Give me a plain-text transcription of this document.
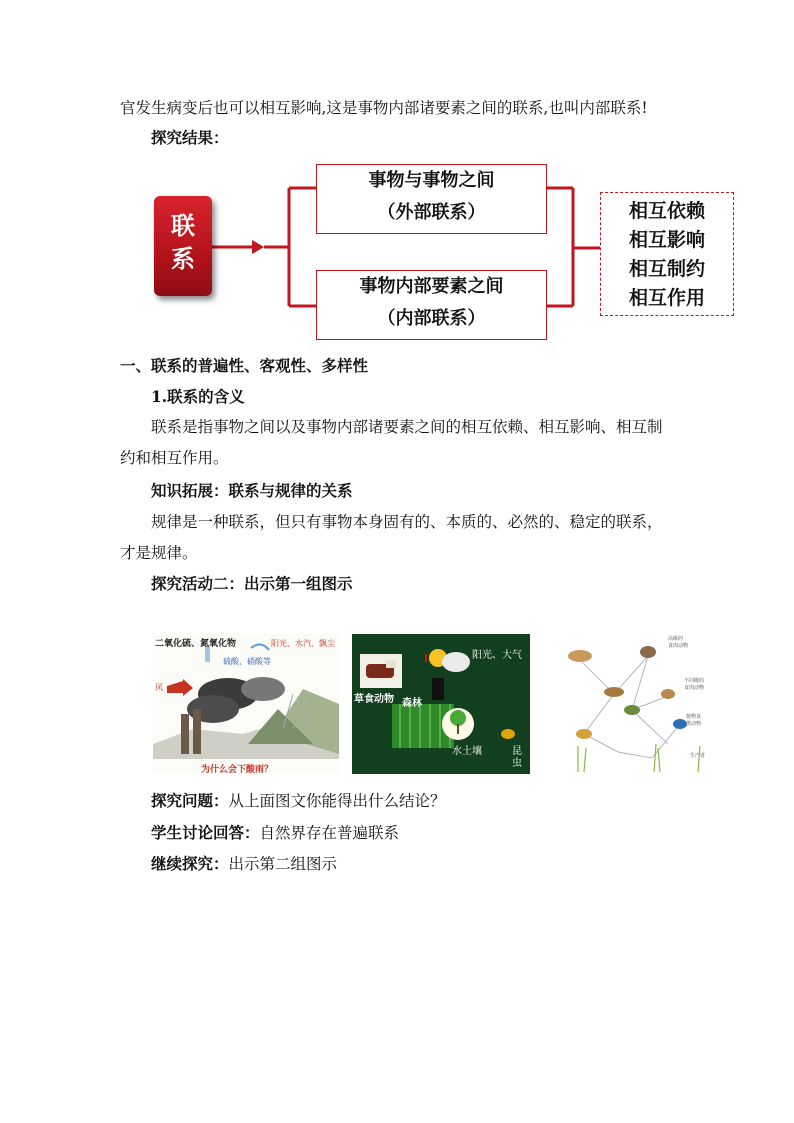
官发生病变后也可以相互影响,这是事物内部诸要素之间的联系,也叫内部联系!
探究结果：
联
系
事物与事物之间
（外部联系）
事物内部要素之间
（内部联系）
相互依赖
相互影响
相互制约
相互作用
一、联系的普遍性、客观性、多样性
1.联系的含义
联系是指事物之间以及事物内部诸要素之间的相互依赖、相互影响、相互制
约和相互作用。
知识拓展：联系与规律的关系
规律是一种联系，但只有事物本身固有的、本质的、必然的、稳定的联系，
才是规律。
探究活动二：出示第一组图示
二氧化硫、氮氧化物	阳光、水汽、飘尘
硫酸、硝酸等
风
为什么会下酸雨？
阳光、大气
草食动物 森林
水土壤	昆虫
高级的
食肉动物
不同级的
食肉动物
植物食
类动物
生产者
探究问题：从上面图文你能得出什么结论？
学生讨论回答：自然界存在普遍联系
继续探究：出示第二组图示
